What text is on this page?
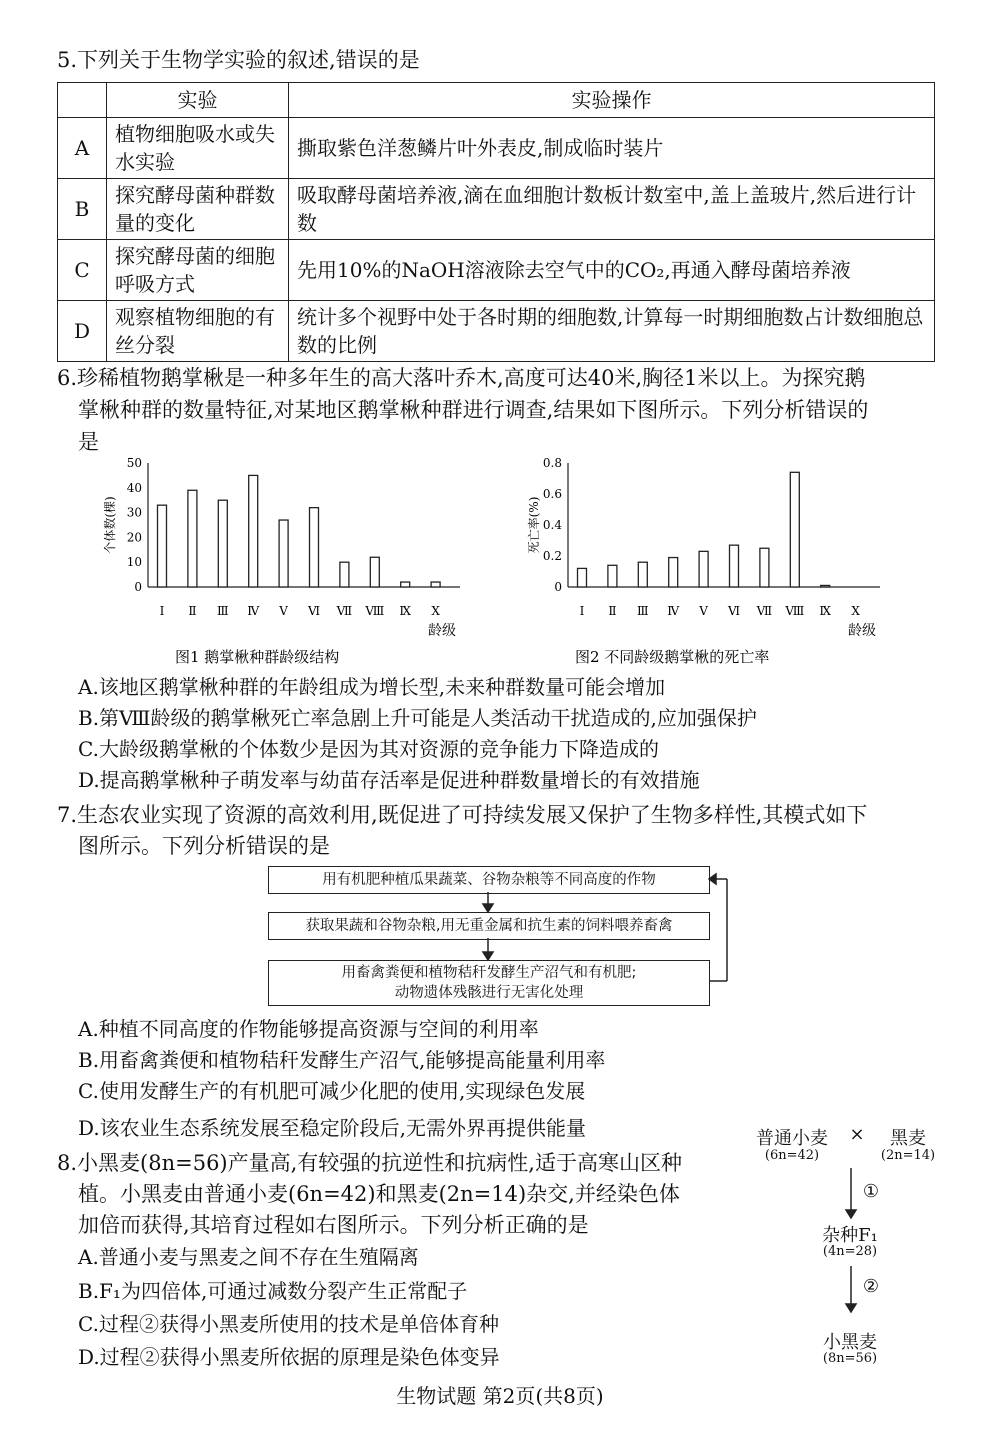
5.下列关于生物学实验的叙述,错误的是
	实验	实验操作
A	植物细胞吸水或失水实验	撕取紫色洋葱鳞片叶外表皮,制成临时装片
B	探究酵母菌种群数量的变化	吸取酵母菌培养液,滴在血细胞计数板计数室中,盖上盖玻片,然后进行计数
C	探究酵母菌的细胞呼吸方式	先用10%的NaOH溶液除去空气中的CO₂,再通入酵母菌培养液
D	观察植物细胞的有丝分裂	统计多个视野中处于各时期的细胞数,计算每一时期细胞数占计数细胞总数的比例
6.珍稀植物鹅掌楸是一种多年生的高大落叶乔木,高度可达40米,胸径1米以上。为探究鹅
掌楸种群的数量特征,对某地区鹅掌楸种群进行调查,结果如下图所示。下列分析错误的
是
0
10
20
30
40
50
个体数(棵)
Ⅰ Ⅱ Ⅲ Ⅳ Ⅴ Ⅵ Ⅶ Ⅷ Ⅸ Ⅹ
龄级
图1 鹅掌楸种群龄级结构
0
0.2
0.4
0.6
0.8
死亡率(%)
Ⅰ Ⅱ Ⅲ Ⅳ Ⅴ Ⅵ Ⅶ Ⅷ Ⅸ Ⅹ
龄级
图2 不同龄级鹅掌楸的死亡率
A.该地区鹅掌楸种群的年龄组成为增长型,未来种群数量可能会增加
B.第Ⅷ龄级的鹅掌楸死亡率急剧上升可能是人类活动干扰造成的,应加强保护
C.大龄级鹅掌楸的个体数少是因为其对资源的竞争能力下降造成的
D.提高鹅掌楸种子萌发率与幼苗存活率是促进种群数量增长的有效措施
7.生态农业实现了资源的高效利用,既促进了可持续发展又保护了生物多样性,其模式如下
图所示。下列分析错误的是
用有机肥种植瓜果蔬菜、谷物杂粮等不同高度的作物
获取果蔬和谷物杂粮,用无重金属和抗生素的饲料喂养畜禽
用畜禽粪便和植物秸秆发酵生产沼气和有机肥;
动物遗体残骸进行无害化处理
A.种植不同高度的作物能够提高资源与空间的利用率
B.用畜禽粪便和植物秸秆发酵生产沼气,能够提高能量利用率
C.使用发酵生产的有机肥可减少化肥的使用,实现绿色发展
D.该农业生态系统发展至稳定阶段后,无需外界再提供能量
8.小黑麦(8n=56)产量高,有较强的抗逆性和抗病性,适于高寒山区种
植。小黑麦由普通小麦(6n=42)和黑麦(2n=14)杂交,并经染色体
加倍而获得,其培育过程如右图所示。下列分析正确的是
A.普通小麦与黑麦之间不存在生殖隔离
B.F₁为四倍体,可通过减数分裂产生正常配子
C.过程②获得小黑麦所使用的技术是单倍体育种
D.过程②获得小黑麦所依据的原理是染色体变异
普通小麦
(6n=42)
×	黑麦
(2n=14)
①
杂种F₁
(4n=28)
②
小黑麦
(8n=56)
生物试题 第2页(共8页)
